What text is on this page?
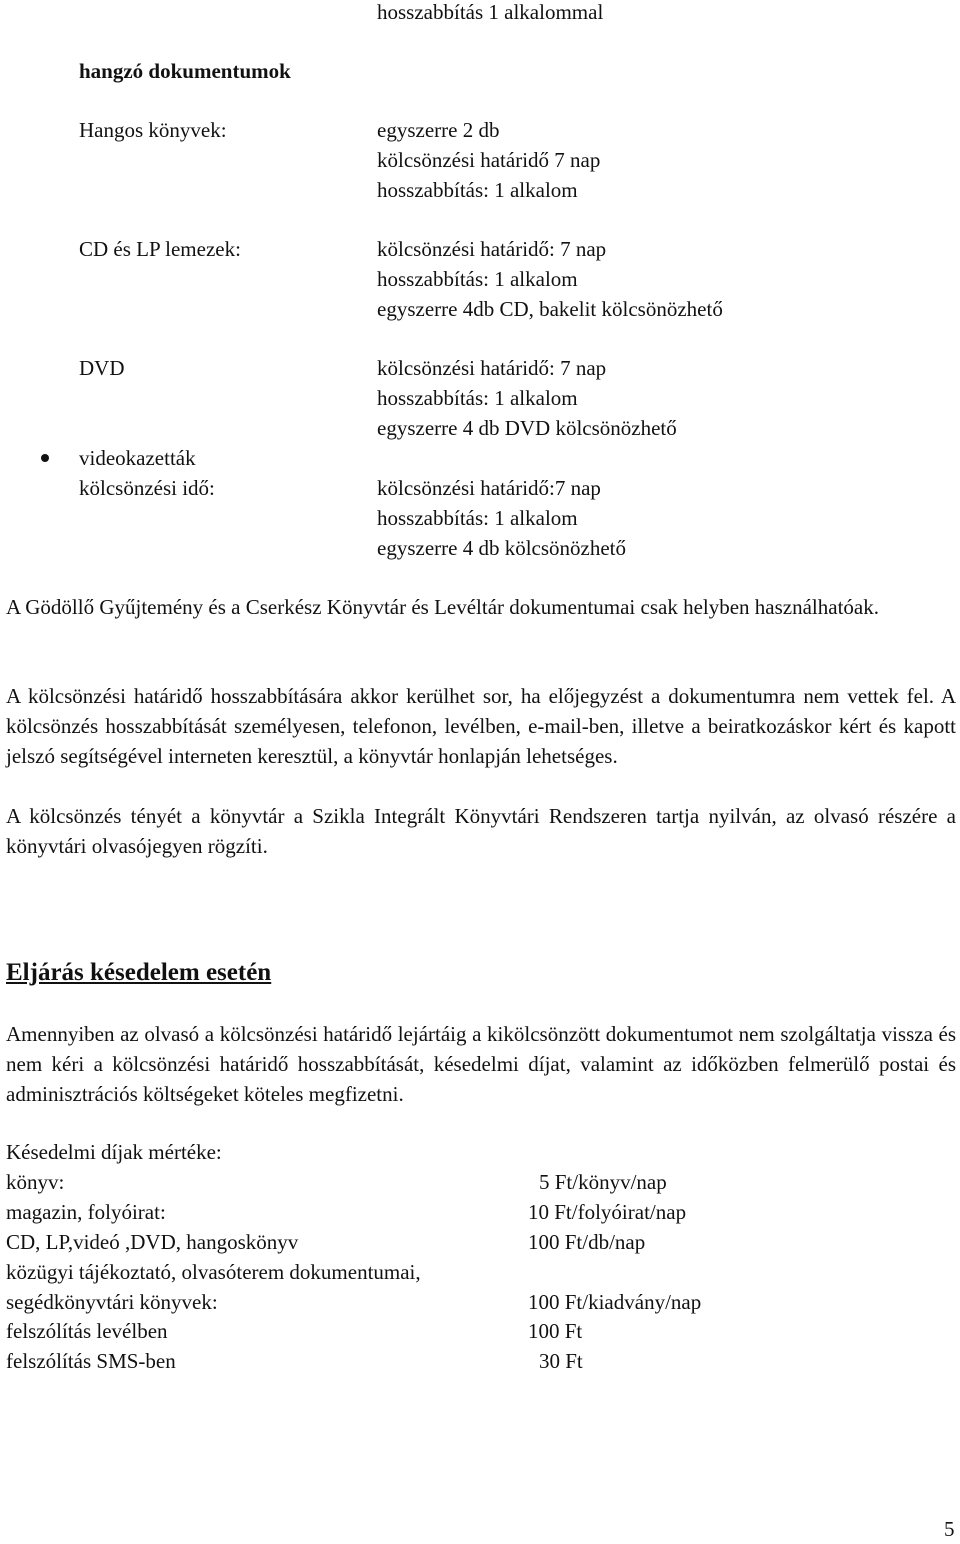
hosszabbítás 1 alkalommal
hangzó dokumentumok
Hangos könyvek:	egyszerre 2 db
kölcsönzési határidő 7 nap
hosszabbítás: 1 alkalom
CD és LP lemezek:	kölcsönzési határidő: 7 nap
hosszabbítás: 1 alkalom
egyszerre 4db CD, bakelit kölcsönözhető
DVD	kölcsönzési határidő: 7 nap
hosszabbítás: 1 alkalom
egyszerre 4 db DVD kölcsönözhető
videokazetták
kölcsönzési idő:	kölcsönzési határidő:7 nap
hosszabbítás: 1 alkalom
egyszerre 4 db kölcsönözhető
A Gödöllő Gyűjtemény és a Cserkész Könyvtár és Levéltár dokumentumai csak helyben használhatóak.
A kölcsönzési határidő hosszabbítására akkor kerülhet sor, ha előjegyzést a dokumentumra nem vettek fel. A kölcsönzés hosszabbítását személyesen, telefonon, levélben, e-mail-ben, illetve a beiratkozáskor kért és kapott jelszó segítségével interneten keresztül, a könyvtár honlapján lehetséges.
A kölcsönzés tényét a könyvtár a Szikla Integrált Könyvtári Rendszeren tartja nyilván, az olvasó részére a könyvtári olvasójegyen rögzíti.
Eljárás késedelem esetén
Amennyiben az olvasó a kölcsönzési határidő lejártáig a kikölcsönzött dokumentumot nem szolgáltatja vissza és nem kéri a kölcsönzési határidő hosszabbítását, késedelmi díjat, valamint az időközben felmerülő postai és adminisztrációs költségeket köteles megfizetni.
Késedelmi díjak mértéke:
könyv:	5 Ft/könyv/nap
magazin, folyóirat:	10 Ft/folyóirat/nap
CD, LP,videó ,DVD, hangoskönyv	100 Ft/db/nap
közügyi tájékoztató, olvasóterem dokumentumai,
segédkönyvtári könyvek:	100 Ft/kiadvány/nap
felszólítás levélben	100 Ft
felszólítás SMS-ben	30 Ft
5
